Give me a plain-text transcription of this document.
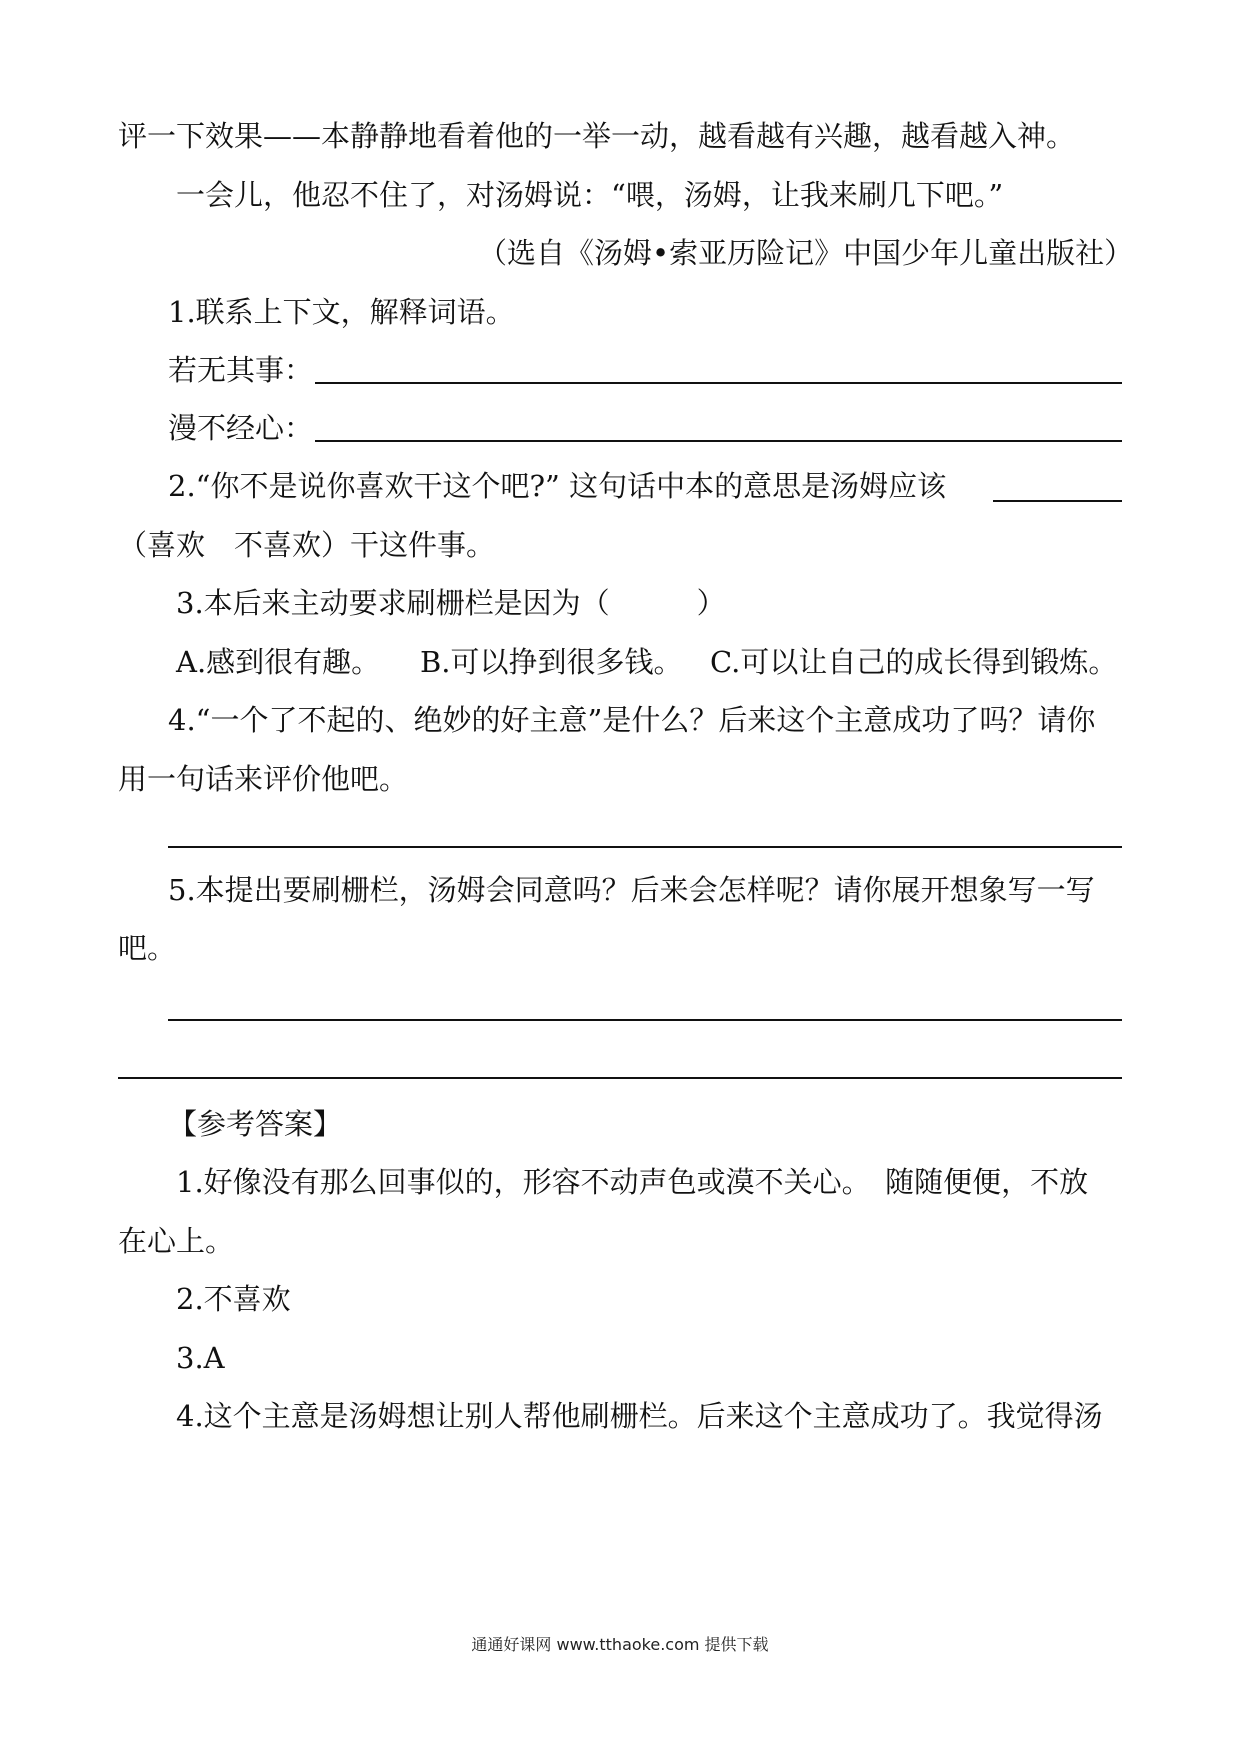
评一下效果——本静静地看着他的一举一动，越看越有兴趣，越看越入神。
一会儿，他忍不住了，对汤姆说：“喂，汤姆，让我来刷几下吧。”
（选自《汤姆•索亚历险记》中国少年儿童出版社）
1.联系上下文，解释词语。
若无其事：
漫不经心：
2.“你不是说你喜欢干这个吧?” 这句话中本的意思是汤姆应该
（喜欢　不喜欢）干这件事。
3.本后来主动要求刷栅栏是因为（　　　）
A.感到很有趣。 B.可以挣到很多钱。 C.可以让自己的成长得到锻炼。
4.“一个了不起的、绝妙的好主意”是什么？后来这个主意成功了吗？请你
用一句话来评价他吧。
5.本提出要刷栅栏，汤姆会同意吗？后来会怎样呢？请你展开想象写一写
吧。
【参考答案】
1.好像没有那么回事似的，形容不动声色或漠不关心。　随随便便，不放
在心上。
2.不喜欢
3.A
4.这个主意是汤姆想让别人帮他刷栅栏。后来这个主意成功了。我觉得汤
通通好课网 www.tthaoke.com 提供下载
